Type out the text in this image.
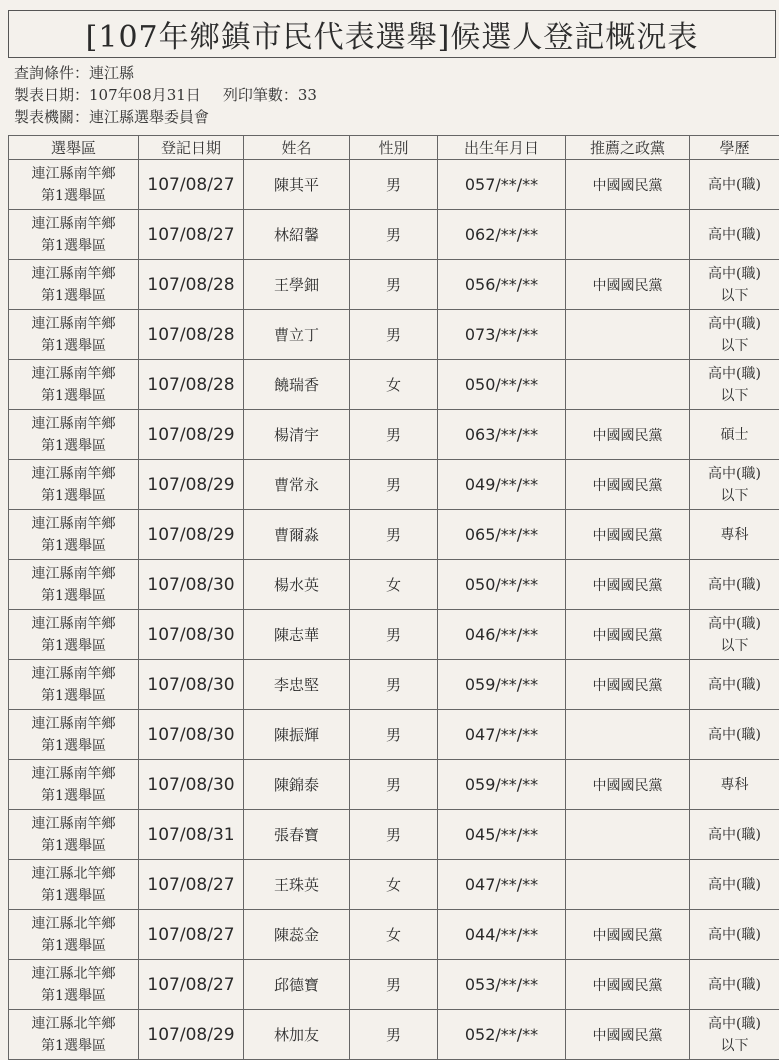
[107年鄉鎮市民代表選舉]候選人登記概況表
查詢條件：連江縣
製表日期：107年08月31日 列印筆數：33
製表機關：連江縣選舉委員會
選舉區	登記日期	姓名	性別	出生年月日	推薦之政黨	學歷

連江縣南竿鄉
第1選舉區	107/08/27	陳其平	男	057/**/**	中國國民黨	高中(職)

連江縣南竿鄉
第1選舉區	107/08/27	林紹馨	男	062/**/**		高中(職)

連江縣南竿鄉
第1選舉區	107/08/28	王學鈿	男	056/**/**	中國國民黨	高中(職)
以下

連江縣南竿鄉
第1選舉區	107/08/28	曹立丁	男	073/**/**		高中(職)
以下

連江縣南竿鄉
第1選舉區	107/08/28	饒瑞香	女	050/**/**		高中(職)
以下

連江縣南竿鄉
第1選舉區	107/08/29	楊清宇	男	063/**/**	中國國民黨	碩士

連江縣南竿鄉
第1選舉區	107/08/29	曹常永	男	049/**/**	中國國民黨	高中(職)
以下

連江縣南竿鄉
第1選舉區	107/08/29	曹爾淼	男	065/**/**	中國國民黨	專科

連江縣南竿鄉
第1選舉區	107/08/30	楊水英	女	050/**/**	中國國民黨	高中(職)

連江縣南竿鄉
第1選舉區	107/08/30	陳志華	男	046/**/**	中國國民黨	高中(職)
以下

連江縣南竿鄉
第1選舉區	107/08/30	李忠堅	男	059/**/**	中國國民黨	高中(職)

連江縣南竿鄉
第1選舉區	107/08/30	陳振輝	男	047/**/**		高中(職)

連江縣南竿鄉
第1選舉區	107/08/30	陳錦泰	男	059/**/**	中國國民黨	專科

連江縣南竿鄉
第1選舉區	107/08/31	張春寶	男	045/**/**		高中(職)

連江縣北竿鄉
第1選舉區	107/08/27	王珠英	女	047/**/**		高中(職)

連江縣北竿鄉
第1選舉區	107/08/27	陳蕊金	女	044/**/**	中國國民黨	高中(職)

連江縣北竿鄉
第1選舉區	107/08/27	邱德寶	男	053/**/**	中國國民黨	高中(職)

連江縣北竿鄉
第1選舉區	107/08/29	林加友	男	052/**/**	中國國民黨	高中(職)
以下
